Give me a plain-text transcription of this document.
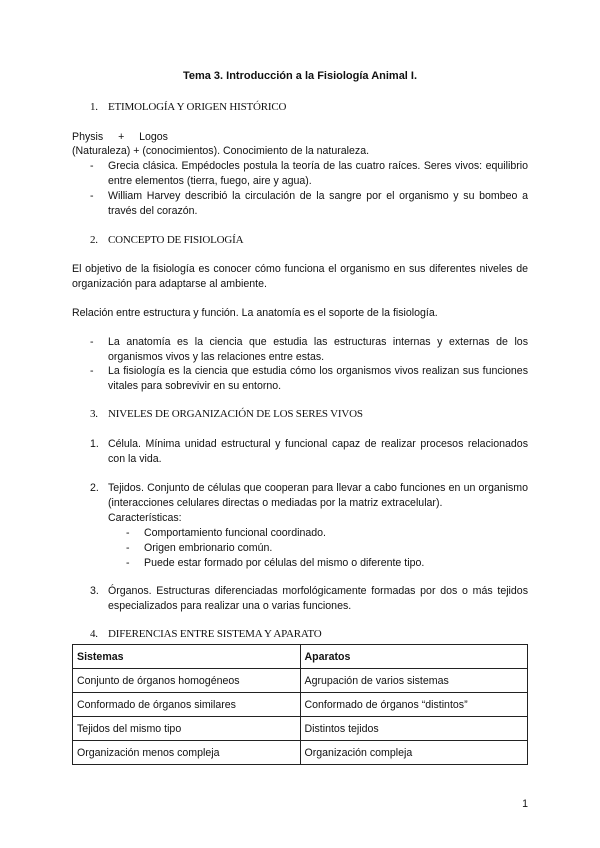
Tema 3. Introducción a la Fisiología Animal I.
1. ETIMOLOGÍA Y ORIGEN HISTÓRICO
Physis + Logos
(Naturaleza) + (conocimientos). Conocimiento de la naturaleza.
- Grecia clásica. Empédocles postula la teoría de las cuatro raíces. Seres vivos: equilibrio entre elementos (tierra, fuego, aire y agua).
- William Harvey describió la circulación de la sangre por el organismo y su bombeo a través del corazón.
2. CONCEPTO DE FISIOLOGÍA
El objetivo de la fisiología es conocer cómo funciona el organismo en sus diferentes niveles de organización para adaptarse al ambiente.
Relación entre estructura y función. La anatomía es el soporte de la fisiología.
- La anatomía es la ciencia que estudia las estructuras internas y externas de los organismos vivos y las relaciones entre estas.
- La fisiología es la ciencia que estudia cómo los organismos vivos realizan sus funciones vitales para sobrevivir en su entorno.
3. NIVELES DE ORGANIZACIÓN DE LOS SERES VIVOS
1. Célula. Mínima unidad estructural y funcional capaz de realizar procesos relacionados con la vida.
2. Tejidos. Conjunto de células que cooperan para llevar a cabo funciones en un organismo (interacciones celulares directas o mediadas por la matriz extracelular).
Características:
- Comportamiento funcional coordinado.
- Origen embrionario común.
- Puede estar formado por células del mismo o diferente tipo.
3. Órganos. Estructuras diferenciadas morfológicamente formadas por dos o más tejidos especializados para realizar una o varias funciones.
4. DIFERENCIAS ENTRE SISTEMA Y APARATO
Sistemas	Aparatos
Conjunto de órganos homogéneos	Agrupación de varios sistemas
Conformado de órganos similares	Conformado de órganos “distintos”
Tejidos del mismo tipo	Distintos tejidos
Organización menos compleja	Organización compleja
1
